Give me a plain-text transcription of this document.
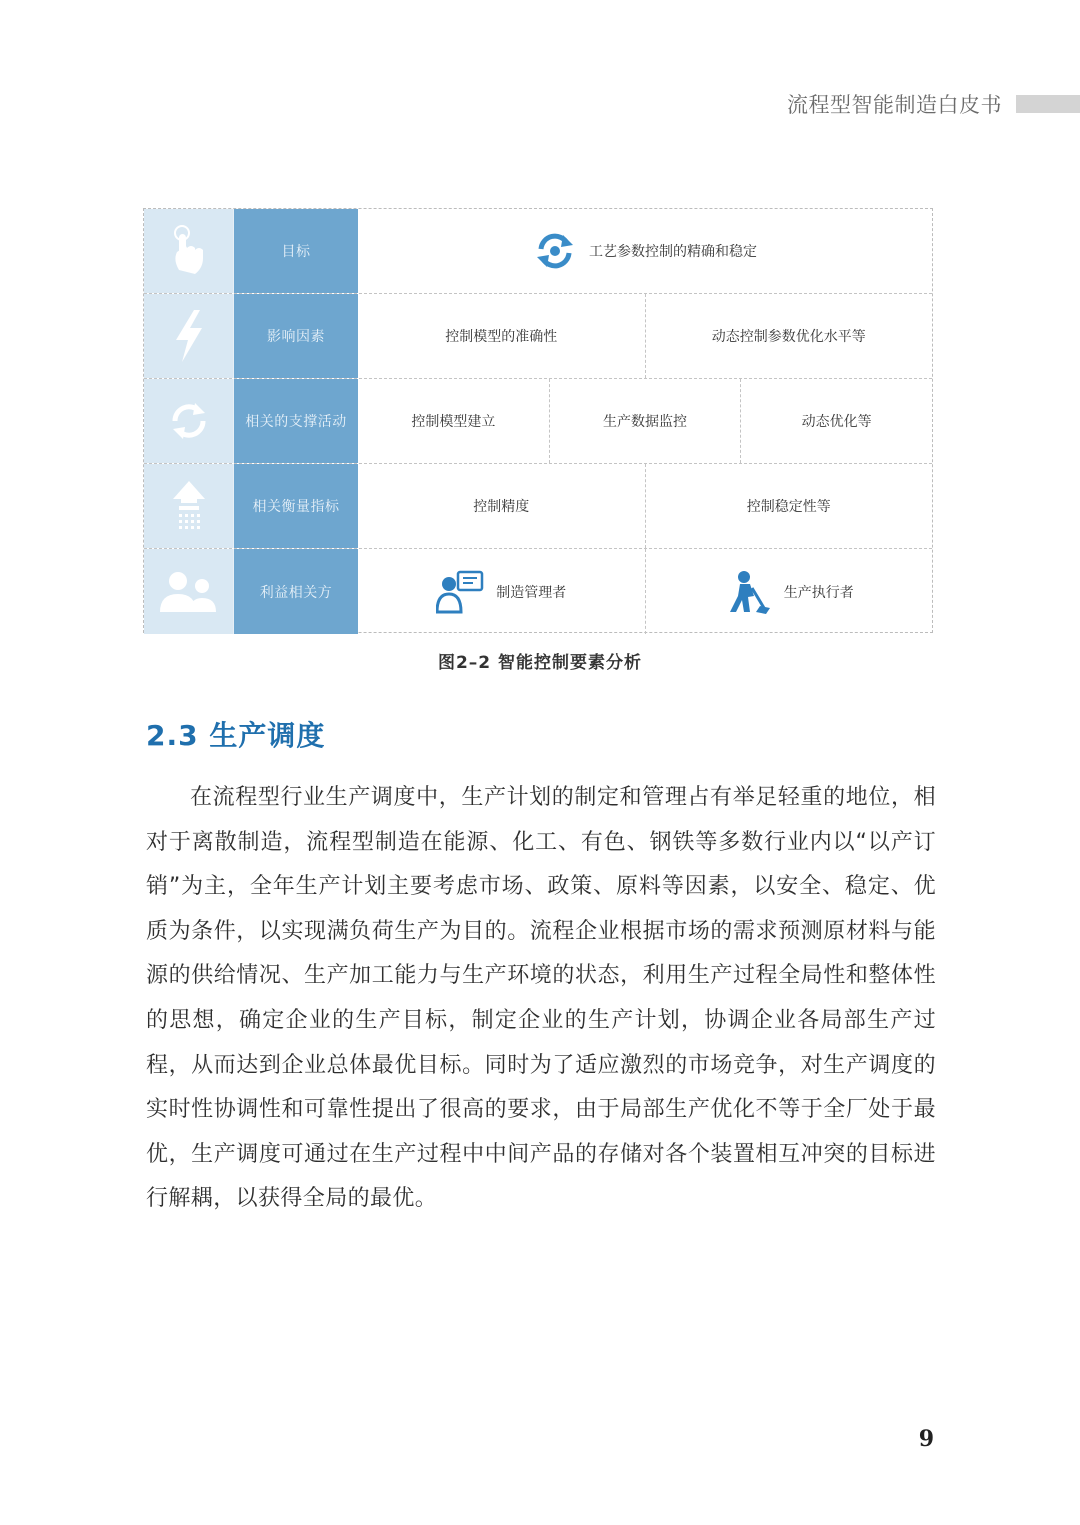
流程型智能制造白皮书
目标	工艺参数控制的精确和稳定
影响因素	控制模型的准确性	动态控制参数优化水平等
相关的支撑活动	控制模型建立	生产数据监控	动态优化等
相关衡量指标	控制精度	控制稳定性等
利益相关方	制造管理者	生产执行者
图2–2 智能控制要素分析
2.3 生产调度

在流程型行业生产调度中，生产计划的制定和管理占有举足轻重的地位，相对于离散制造，流程型制造在能源、化工、有色、钢铁等多数行业内以“以产订销”为主，全年生产计划主要考虑市场、政策、原料等因素，以安全、稳定、优质为条件，以实现满负荷生产为目的。流程企业根据市场的需求预测原材料与能源的供给情况、生产加工能力与生产环境的状态，利用生产过程全局性和整体性的思想，确定企业的生产目标，制定企业的生产计划，协调企业各局部生产过程，从而达到企业总体最优目标。同时为了适应激烈的市场竞争，对生产调度的实时性协调性和可靠性提出了很高的要求，由于局部生产优化不等于全厂处于最优，生产调度可通过在生产过程中中间产品的存储对各个装置相互冲突的目标进行解耦，以获得全局的最优。

9
